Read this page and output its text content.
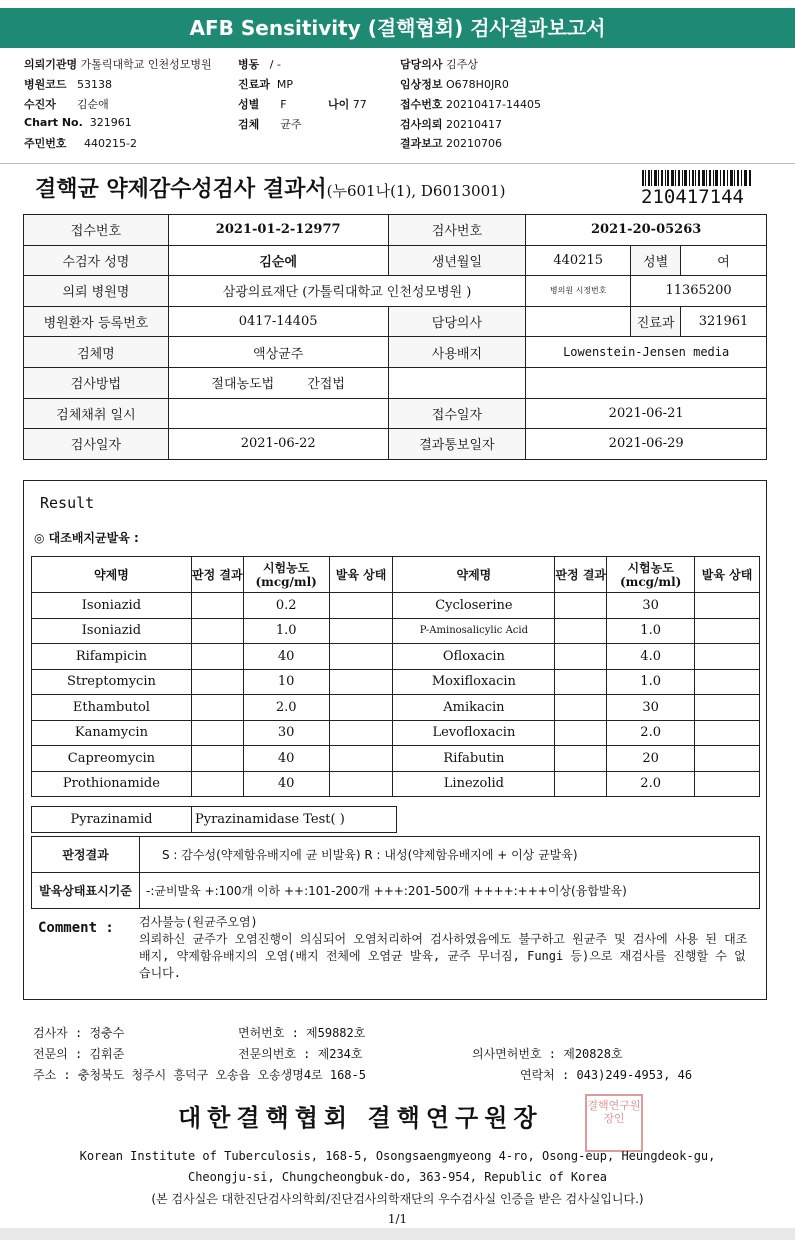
AFB Sensitivity (결핵협회) 검사결과보고서
의뢰기관명 가톨릭대학교 인천성모병원 병동 / -	담당의사 김주상
병원코드 53138	진료과 MP	임상정보 O678H0JR0
수진자 김순애	성별 F	나이 77	접수번호 20210417-14405
Chart No. 321961	검체 균주	검사의뢰 20210417
주민번호 440215-2	결과보고 20210706
결핵균 약제감수성검사 결과서(누601나(1), D6013001)	210417144
접수번호	2021-01-2-12977	검사번호	2021-20-05263		
수검자 성명	김순에	생년월일	440215	성별	여
의뢰 병원명	삼광의료재단 (가톨릭대학교 인천성모병원 )		병의원 시정번호	11365200	
병원환자 등록번호	0417-14405	담당의사		진료과	321961
검체명	액상균주	사용배지	Lowenstein-Jensen media		
검사방법	절대농도법 간접법				
검체채취 일시		접수일자	2021-06-21		
검사일자	2021-06-22	결과통보일자	2021-06-29		
Result
◎ 대조배지균발육 :
약제명	판정 결과	시험농도 (mcg/ml)	발육 상태	약제명	판정 결과	시험농도 (mcg/ml)	발육 상태
Isoniazid		0.2		Cycloserine		30	
Isoniazid		1.0		P-Aminosalicylic Acid		1.0	
Rifampicin		40		Ofloxacin		4.0	
Streptomycin		10		Moxifloxacin		1.0	
Ethambutol		2.0		Amikacin		30	
Kanamycin		30		Levofloxacin		2.0	
Capreomycin		40		Rifabutin		20	
Prothionamide		40		Linezolid		2.0	
Pyrazinamid	Pyrazinamidase Test( )
판정결과	S : 감수성(약제함유배지에 균 비발육) R : 내성(약제함유배지에 + 이상 균발육)
발육상태표시기준	-:균비발육 +:100개 이하 ++:101-200개 +++:201-500개 ++++:+++이상(융합발육)
Comment : 검사불능(원균주오염)
의뢰하신 균주가 오염진행이 의심되어 오염처리하여 검사하였음에도 불구하고 원균주 및 검사에 사용 된 대조배지, 약제함유배지의 오염(배지 전체에 오염균 발육, 균주 무너짐, Fungi 등)으로 재검사를 진행할 수 없습니다.
검사자 : 정충수	면허번호 : 제59882호
전문의 : 김휘준	전문의번호 : 제234호	의사면허번호 : 제20828호
주소 : 충청북도 청주시 흥덕구 오송읍 오송생명4로 168-5	연락처 : 043)249-4953, 46
대한결핵협회 결핵연구원장	결핵연구원장인
Korean Institute of Tuberculosis, 168-5, Osongsaengmyeong 4-ro, Osong-eup, Heungdeok-gu,
Cheongju-si, Chungcheongbuk-do, 363-954, Republic of Korea
(본 검사실은 대한진단검사의학회/진단검사의학재단의 우수검사실 인증을 받은 검사실입니다.)
1/1
